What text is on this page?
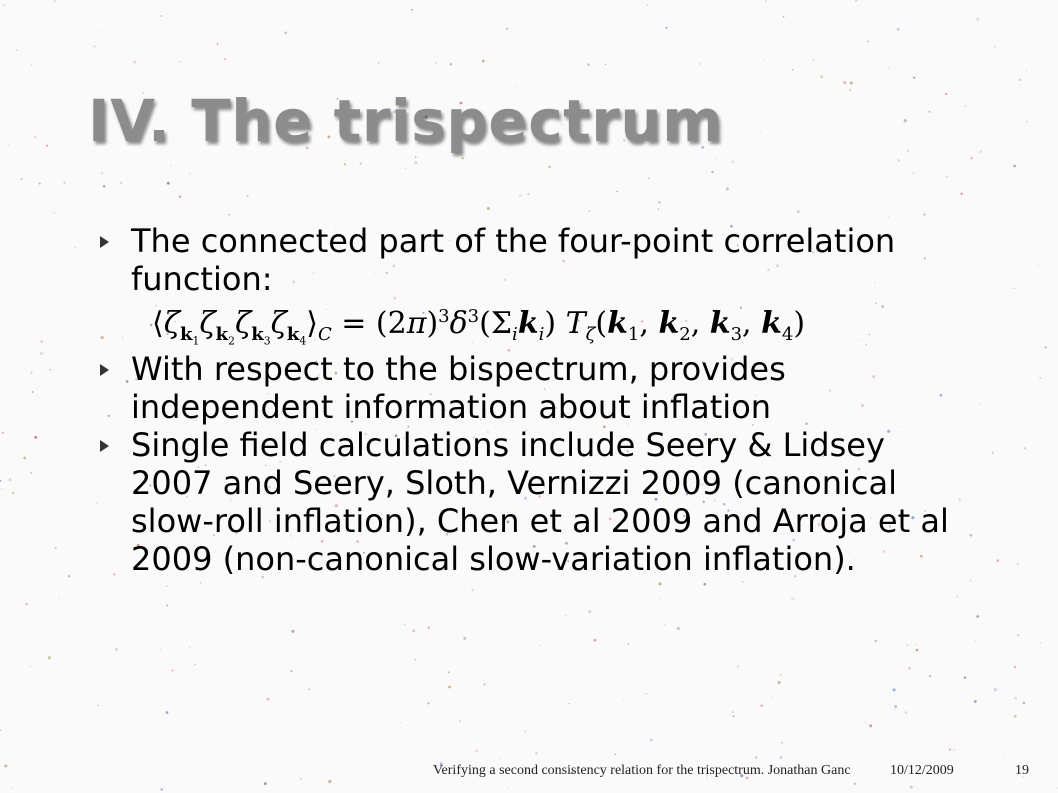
IV. The trispectrum

The connected part of the four-point correlation function:

$⟨\zeta_{k_1}\zeta_{k_2}\zeta_{k_3}\zeta_{k_4}⟩_C = (2\pi)^3\delta^3(\Sigma_ik_i)$ $T_\zeta(k_1$, $k_2$, $k_3$, $k_4$)

With respect to the bispectrum, provides independent information about inflation

Single field calculations include Seery & Lidsey 2007 and Seery, Sloth, Vernizzi 2009 (canonical slow-roll inflation), Chen et al 2009 and Arroja et al 2009 (non-canonical slow-variation inflation).

Verifying a second consistency relation for the trispectrum. Jonathan Ganc	10/12/2009	19
